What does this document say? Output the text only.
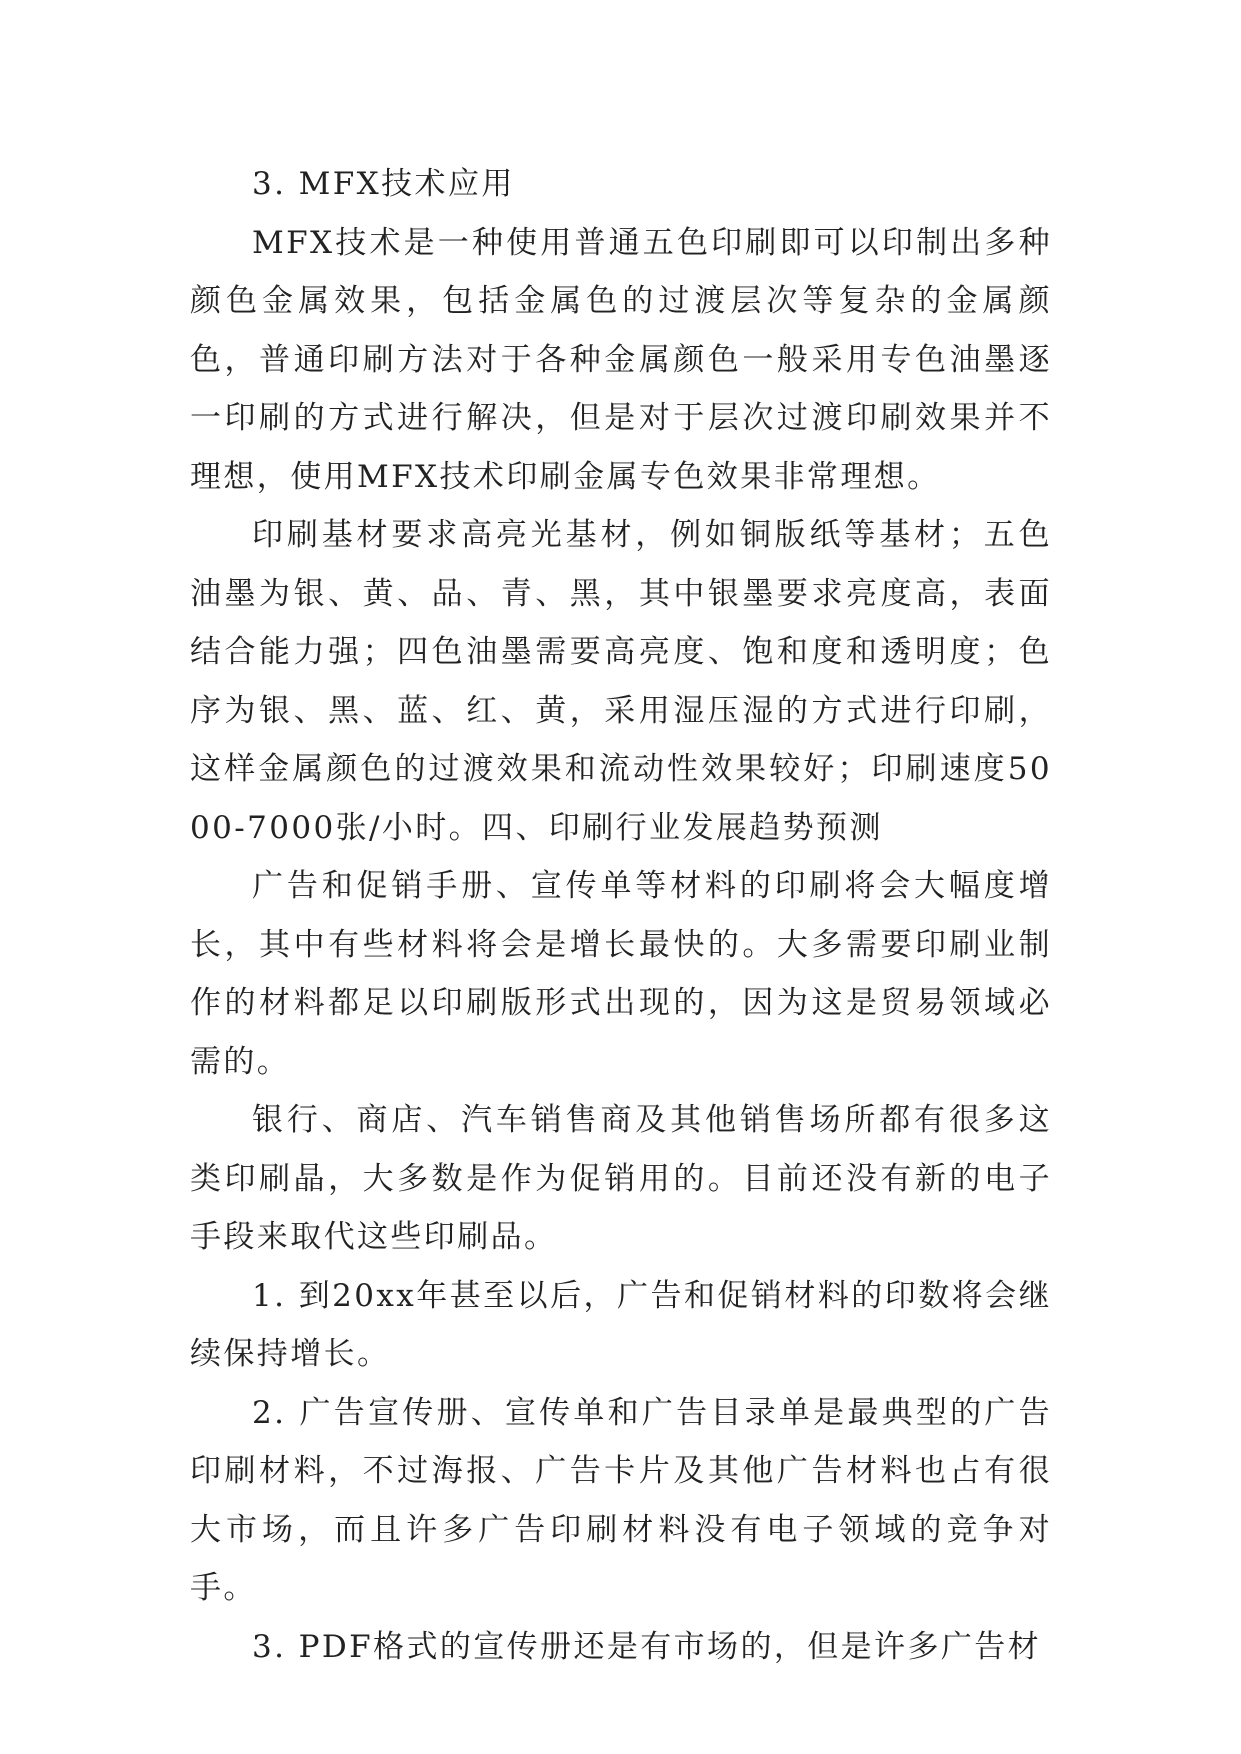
3. MFX技术应用

MFX技术是一种使用普通五色印刷即可以印制出多种颜色金属效果，包括金属色的过渡层次等复杂的金属颜色，普通印刷方法对于各种金属颜色一般采用专色油墨逐一印刷的方式进行解决，但是对于层次过渡印刷效果并不理想，使用MFX技术印刷金属专色效果非常理想。

印刷基材要求高亮光基材，例如铜版纸等基材；五色油墨为银、黄、品、青、黑，其中银墨要求亮度高，表面结合能力强；四色油墨需要高亮度、饱和度和透明度；色序为银、黑、蓝、红、黄，采用湿压湿的方式进行印刷，这样金属颜色的过渡效果和流动性效果较好；印刷速度5000-7000张/小时。四、印刷行业发展趋势预测

广告和促销手册、宣传单等材料的印刷将会大幅度增长，其中有些材料将会是增长最快的。大多需要印刷业制作的材料都足以印刷版形式出现的，因为这是贸易领域必需的。

银行、商店、汽车销售商及其他销售场所都有很多这类印刷晶，大多数是作为促销用的。目前还没有新的电子手段来取代这些印刷品。

1. 到20xx年甚至以后，广告和促销材料的印数将会继续保持增长。

2. 广告宣传册、宣传单和广告目录单是最典型的广告印刷材料，不过海报、广告卡片及其他广告材料也占有很大市场，而且许多广告印刷材料没有电子领域的竞争对手。

3. PDF格式的宣传册还是有市场的，但是许多广告材
